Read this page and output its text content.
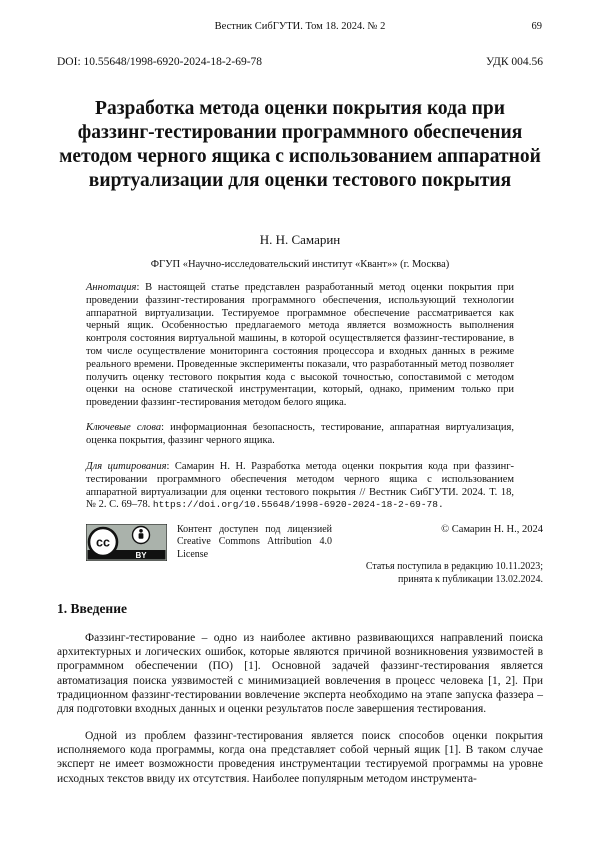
Вестник СибГУТИ. Том 18. 2024. № 2	69
DOI: 10.55648/1998-6920-2024-18-2-69-78	УДК 004.56
Разработка метода оценки покрытия кода при фаззинг-тестировании программного обеспечения методом черного ящика с использованием аппаратной виртуализации для оценки тестового покрытия
Н. Н. Самарин
ФГУП «Научно-исследовательский институт «Квант»» (г. Москва)

Аннотация: В настоящей статье представлен разработанный метод оценки покрытия при проведении фаззинг-тестирования программного обеспечения, использующий технологии аппаратной виртуализации. Тестируемое программное обеспечение рассматривается как черный ящик. Особенностью предлагаемого метода является возможность выполнения контроля состояния виртуальной машины, в которой осуществляется фаззинг-тестирование, в том числе осуществление мониторинга состояния процессора и входных данных в режиме реального времени. Проведенные эксперименты показали, что разработанный метод позволяет получить оценку тестового покрытия кода с высокой точностью, сопоставимой с методом оценки на основе статической инструментации, который, однако, применим только при проведении фаззинг-тестирования методом белого ящика.

Ключевые слова: информационная безопасность, тестирование, аппаратная виртуализация, оценка покрытия, фаззинг черного ящика.

Для цитирования: Самарин Н. Н. Разработка метода оценки покрытия кода при фаззинг-тестировании программного обеспечения методом черного ящика с использованием аппаратной виртуализации для оценки тестового покрытия // Вестник СибГУТИ. 2024. Т. 18, № 2. С. 69–78. https://doi.org/10.55648/1998-6920-2024-18-2-69-78.

cc
BY

Контент доступен под лицензией Creative Commons Attribution 4.0 License

© Самарин Н. Н., 2024

Статья поступила в редакцию 10.11.2023;
принята к публикации 13.02.2024.

1. Введение

Фаззинг-тестирование – одно из наиболее активно развивающихся направлений поиска архитектурных и логических ошибок, которые являются причиной возникновения уязвимостей в программном обеспечении (ПО) [1]. Основной задачей фаззинг-тестирования является автоматизация поиска уязвимостей с минимизацией вовлечения в процесс человека [1, 2]. При традиционном фаззинг-тестировании вовлечение эксперта необходимо на этапе запуска фаззера – для подготовки входных данных и оценки результатов после завершения тестирования.

Одной из проблем фаззинг-тестирования является поиск способов оценки покрытия исполняемого кода программы, когда она представляет собой черный ящик [1]. В таком случае эксперт не имеет возможности проведения инструментации тестируемой программы на уровне исходных текстов ввиду их отсутствия. Наиболее популярным методом инструмента-
